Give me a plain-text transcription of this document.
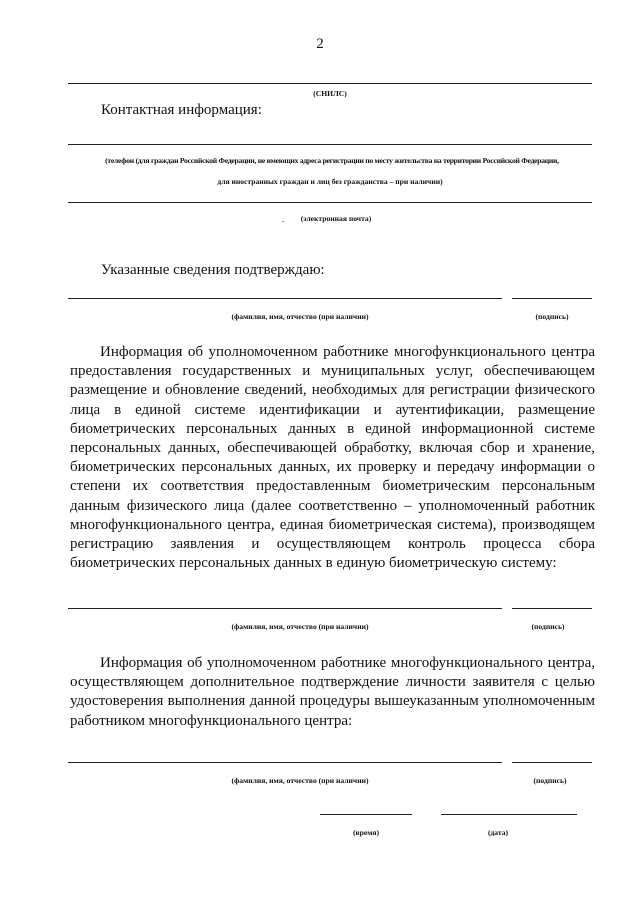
2
(СНИЛС)
Контактная информация:
(телефон (для граждан Российской Федерации, не имеющих адреса регистрации по месту жительства на территории Российской Федерации,
для иностранных граждан и лиц без гражданства – при наличии)
.	(электронная почта)
Указанные сведения подтверждаю:
(фамилия, имя, отчество (при наличии)	(подпись)

Информация об уполномоченном работнике многофункционального центра предоставления государственных и муниципальных услуг, обеспечивающем размещение и обновление сведений, необходимых для регистрации физического лица в единой системе идентификации и аутентификации, размещение биометрических персональных данных в единой информационной системе персональных данных, обеспечивающей обработку, включая сбор и хранение, биометрических персональных данных, их проверку и передачу информации о степени их соответствия предоставленным биометрическим персональным данным физического лица (далее соответственно – уполномоченный работник многофункционального центра, единая биометрическая система), производящем регистрацию заявления и осуществляющем контроль процесса сбора биометрических персональных данных в единую биометрическую систему:

(фамилия, имя, отчество (при наличии)	(подпись)

Информация об уполномоченном работнике многофункционального центра, осуществляющем дополнительное подтверждение личности заявителя с целью удостоверения выполнения данной процедуры вышеуказанным уполномоченным работником многофункционального центра:

(фамилия, имя, отчество (при наличии)	(подпись)
(время)	(дата)
